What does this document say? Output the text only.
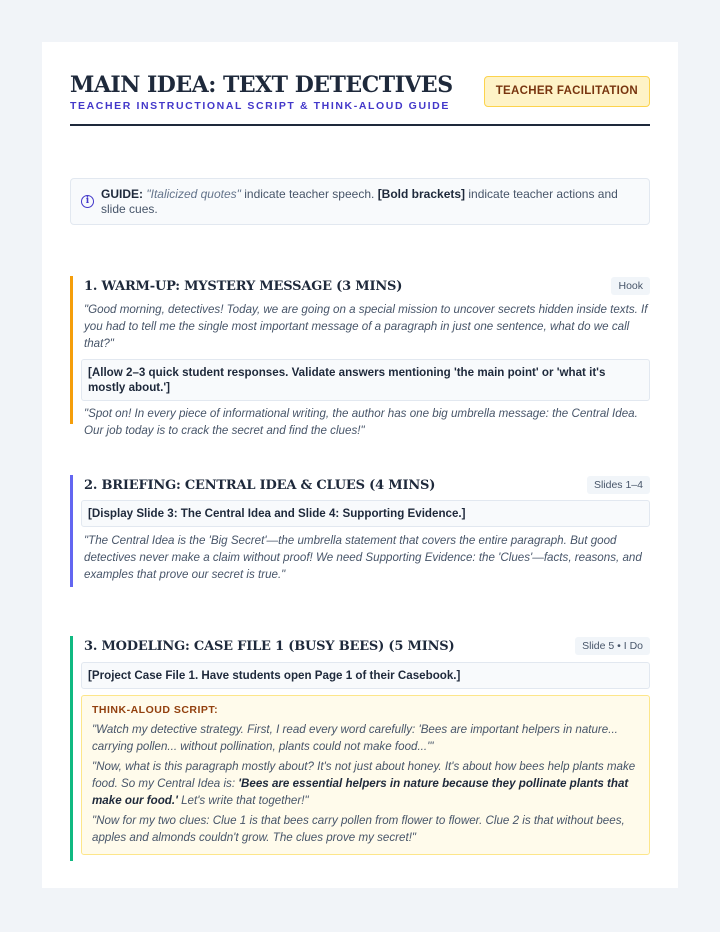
MAIN IDEA: TEXT DETECTIVES
TEACHER INSTRUCTIONAL SCRIPT & THINK-ALOUD GUIDE
TEACHER FACILITATION
i GUIDE: "Italicized quotes" indicate teacher speech. [Bold brackets] indicate teacher actions and slide cues.
1. WARM-UP: MYSTERY MESSAGE (3 MINS)	Hook
"Good morning, detectives! Today, we are going on a special mission to uncover secrets hidden inside texts. If you had to tell me the single most important message of a paragraph in just one sentence, what do we call that?"
[Allow 2–3 quick student responses. Validate answers mentioning 'the main point' or 'what it's mostly about.']
"Spot on! In every piece of informational writing, the author has one big umbrella message: the Central Idea. Our job today is to crack the secret and find the clues!"
2. BRIEFING: CENTRAL IDEA & CLUES (4 MINS)	Slides 1–4
[Display Slide 3: The Central Idea and Slide 4: Supporting Evidence.]
"The Central Idea is the 'Big Secret'—the umbrella statement that covers the entire paragraph. But good detectives never make a claim without proof! We need Supporting Evidence: the 'Clues'—facts, reasons, and examples that prove our secret is true."
3. MODELING: CASE FILE 1 (BUSY BEES) (5 MINS)	Slide 5 • I Do
[Project Case File 1. Have students open Page 1 of their Casebook.]
THINK-ALOUD SCRIPT:
"Watch my detective strategy. First, I read every word carefully: 'Bees are important helpers in nature... carrying pollen... without pollination, plants could not make food...'"
"Now, what is this paragraph mostly about? It's not just about honey. It's about how bees help plants make food. So my Central Idea is: 'Bees are essential helpers in nature because they pollinate plants that make our food.' Let's write that together!"
"Now for my two clues: Clue 1 is that bees carry pollen from flower to flower. Clue 2 is that without bees, apples and almonds couldn't grow. The clues prove my secret!"
